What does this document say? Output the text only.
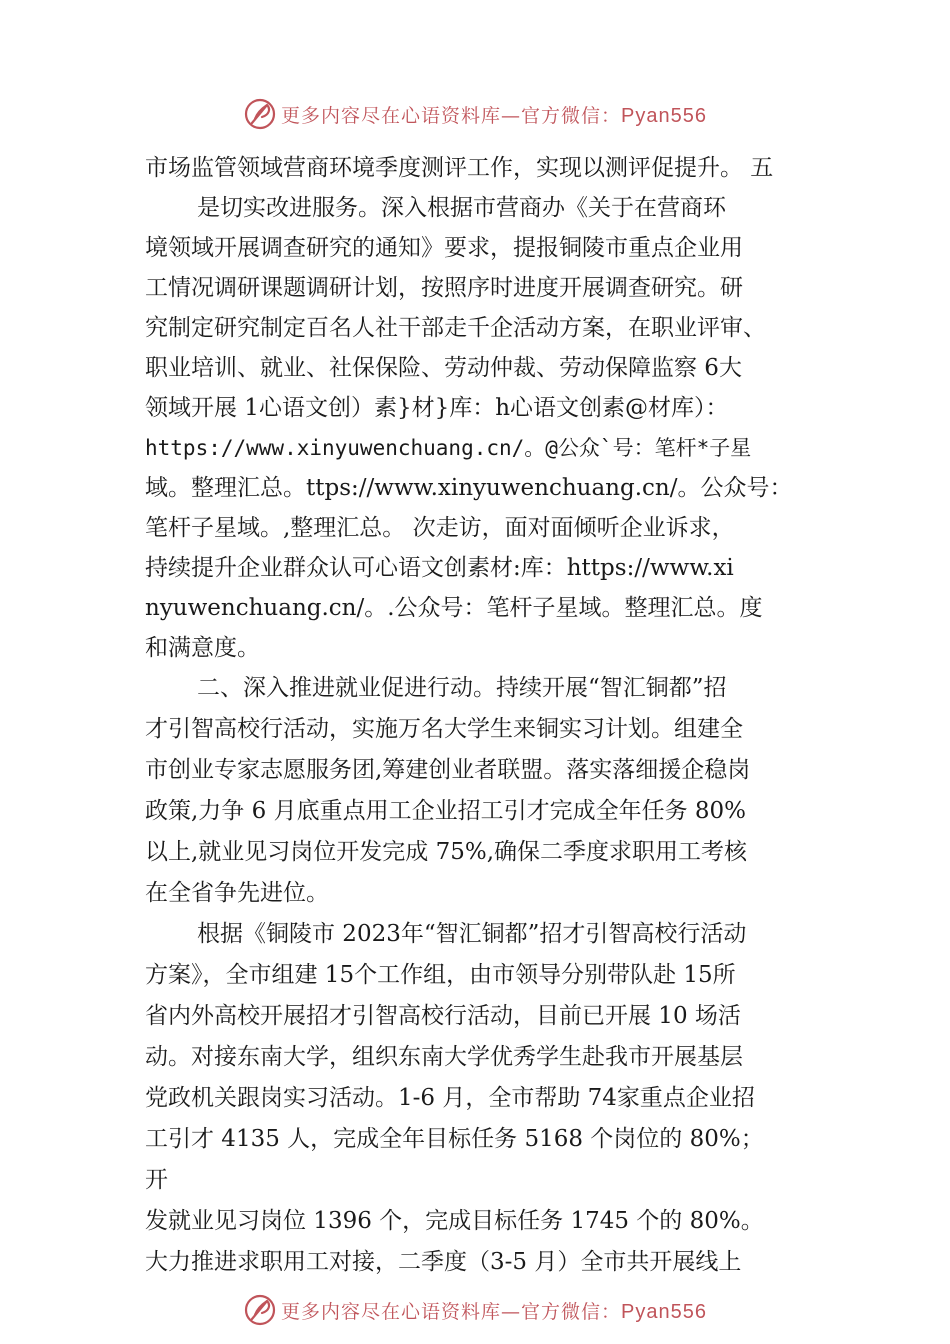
更多内容尽在心语资料库—官方微信：Pyan556
市场监管领域营商环境季度测评工作，实现以测评促提升。 五
是切实改进服务。深入根据市营商办《关于在营商环
境领域开展调查研究的通知》要求，提报铜陵市重点企业用
工情况调研课题调研计划，按照序时进度开展调查研究。研
究制定研究制定百名人社干部走千企活动方案，在职业评审、
职业培训、就业、社保保险、劳动仲裁、劳动保障监察 6大
领域开展 1心语文创）素}材}库：h心语文创素@材库）：
https://www.xinyuwenchuang.cn/。@公众`号：笔杆*子星
域。整理汇总。ttps://www.xinyuwenchuang.cn/。公众号：
笔杆子星域。,整理汇总。 次走访，面对面倾听企业诉求，
持续提升企业群众认可心语文创素材:库：https://www.xi
nyuwenchuang.cn/。.公众号：笔杆子星域。整理汇总。度
和满意度。
二、深入推进就业促进行动。持续开展“智汇铜都”招
才引智高校行活动，实施万名大学生来铜实习计划。组建全
市创业专家志愿服务团,筹建创业者联盟。落实落细援企稳岗
政策,力争 6 月底重点用工企业招工引才完成全年任务 80%
以上,就业见习岗位开发完成 75%,确保二季度求职用工考核
在全省争先进位。
根据《铜陵市 2023年“智汇铜都”招才引智高校行活动
方案》，全市组建 15个工作组，由市领导分别带队赴 15所
省内外高校开展招才引智高校行活动，目前已开展 10 场活
动。对接东南大学，组织东南大学优秀学生赴我市开展基层
党政机关跟岗实习活动。1-6 月，全市帮助 74家重点企业招
工引才 4135 人，完成全年目标任务 5168 个岗位的 80%；
开
发就业见习岗位 1396 个，完成目标任务 1745 个的 80%。
大力推进求职用工对接，二季度（3-5 月）全市共开展线上
更多内容尽在心语资料库—官方微信：Pyan556
